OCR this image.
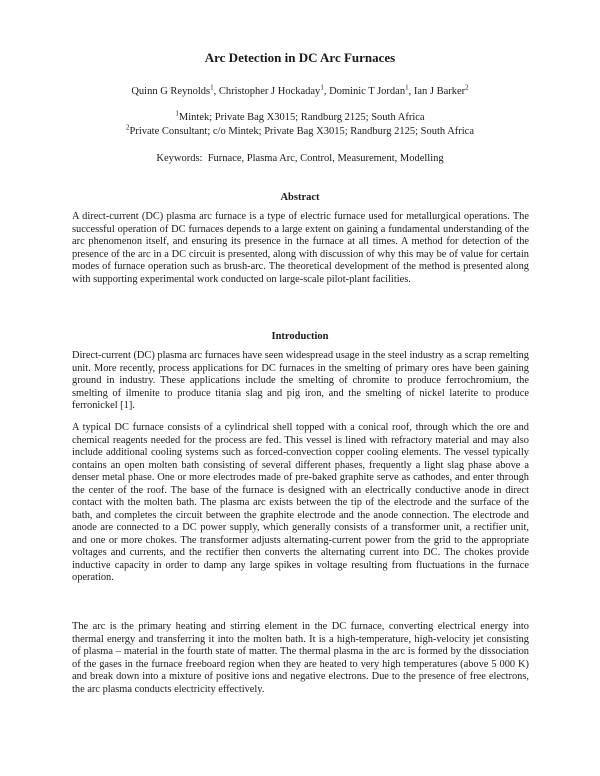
Arc Detection in DC Arc Furnaces
Quinn G Reynolds$^1$, Christopher J Hockaday$^1$, Dominic T Jordan$^1$, Ian J Barker$^2$
$^1$Mintek; Private Bag X3015; Randburg 2125; South Africa
$^2$Private Consultant; c/o Mintek; Private Bag X3015; Randburg 2125; South Africa
Keywords: Furnace, Plasma Arc, Control, Measurement, Modelling
Abstract

A direct-current (DC) plasma arc furnace is a type of electric furnace used for metallurgical operations. The successful operation of DC furnaces depends to a large extent on gaining a fundamental understanding of the arc phenomenon itself, and ensuring its presence in the furnace at all times. A method for detection of the presence of the arc in a DC circuit is presented, along with discussion of why this may be of value for certain modes of furnace operation such as brush-arc. The theoretical development of the method is presented along with supporting experimental work conducted on large-scale pilot-plant facilities.

Introduction

Direct-current (DC) plasma arc furnaces have seen widespread usage in the steel industry as a scrap remelting unit. More recently, process applications for DC furnaces in the smelting of primary ores have been gaining ground in industry. These applications include the smelting of chromite to produce ferrochromium, the smelting of ilmenite to produce titania slag and pig iron, and the smelting of nickel laterite to produce ferronickel [1].

A typical DC furnace consists of a cylindrical shell topped with a conical roof, through which the ore and chemical reagents needed for the process are fed. This vessel is lined with refractory material and may also include additional cooling systems such as forced-convection copper cooling elements. The vessel typically contains an open molten bath consisting of several different phases, frequently a light slag phase above a denser metal phase. One or more electrodes made of pre-baked graphite serve as cathodes, and enter through the center of the roof. The base of the furnace is designed with an electrically conductive anode in direct contact with the molten bath. The plasma arc exists between the tip of the electrode and the surface of the bath, and completes the circuit between the graphite electrode and the anode connection. The electrode and anode are connected to a DC power supply, which generally consists of a transformer unit, a rectifier unit, and one or more chokes. The transformer adjusts alternating-current power from the grid to the appropriate voltages and currents, and the rectifier then converts the alternating current into DC. The chokes provide inductive capacity in order to damp any large spikes in voltage resulting from fluctuations in the furnace operation.

The arc is the primary heating and stirring element in the DC furnace, converting electrical energy into thermal energy and transferring it into the molten bath. It is a high-temperature, high-velocity jet consisting of plasma – material in the fourth state of matter. The thermal plasma in the arc is formed by the dissociation of the gases in the furnace freeboard region when they are heated to very high temperatures (above 5 000 K) and break down into a mixture of positive ions and negative electrons. Due to the presence of free electrons, the arc plasma conducts electricity effectively.
